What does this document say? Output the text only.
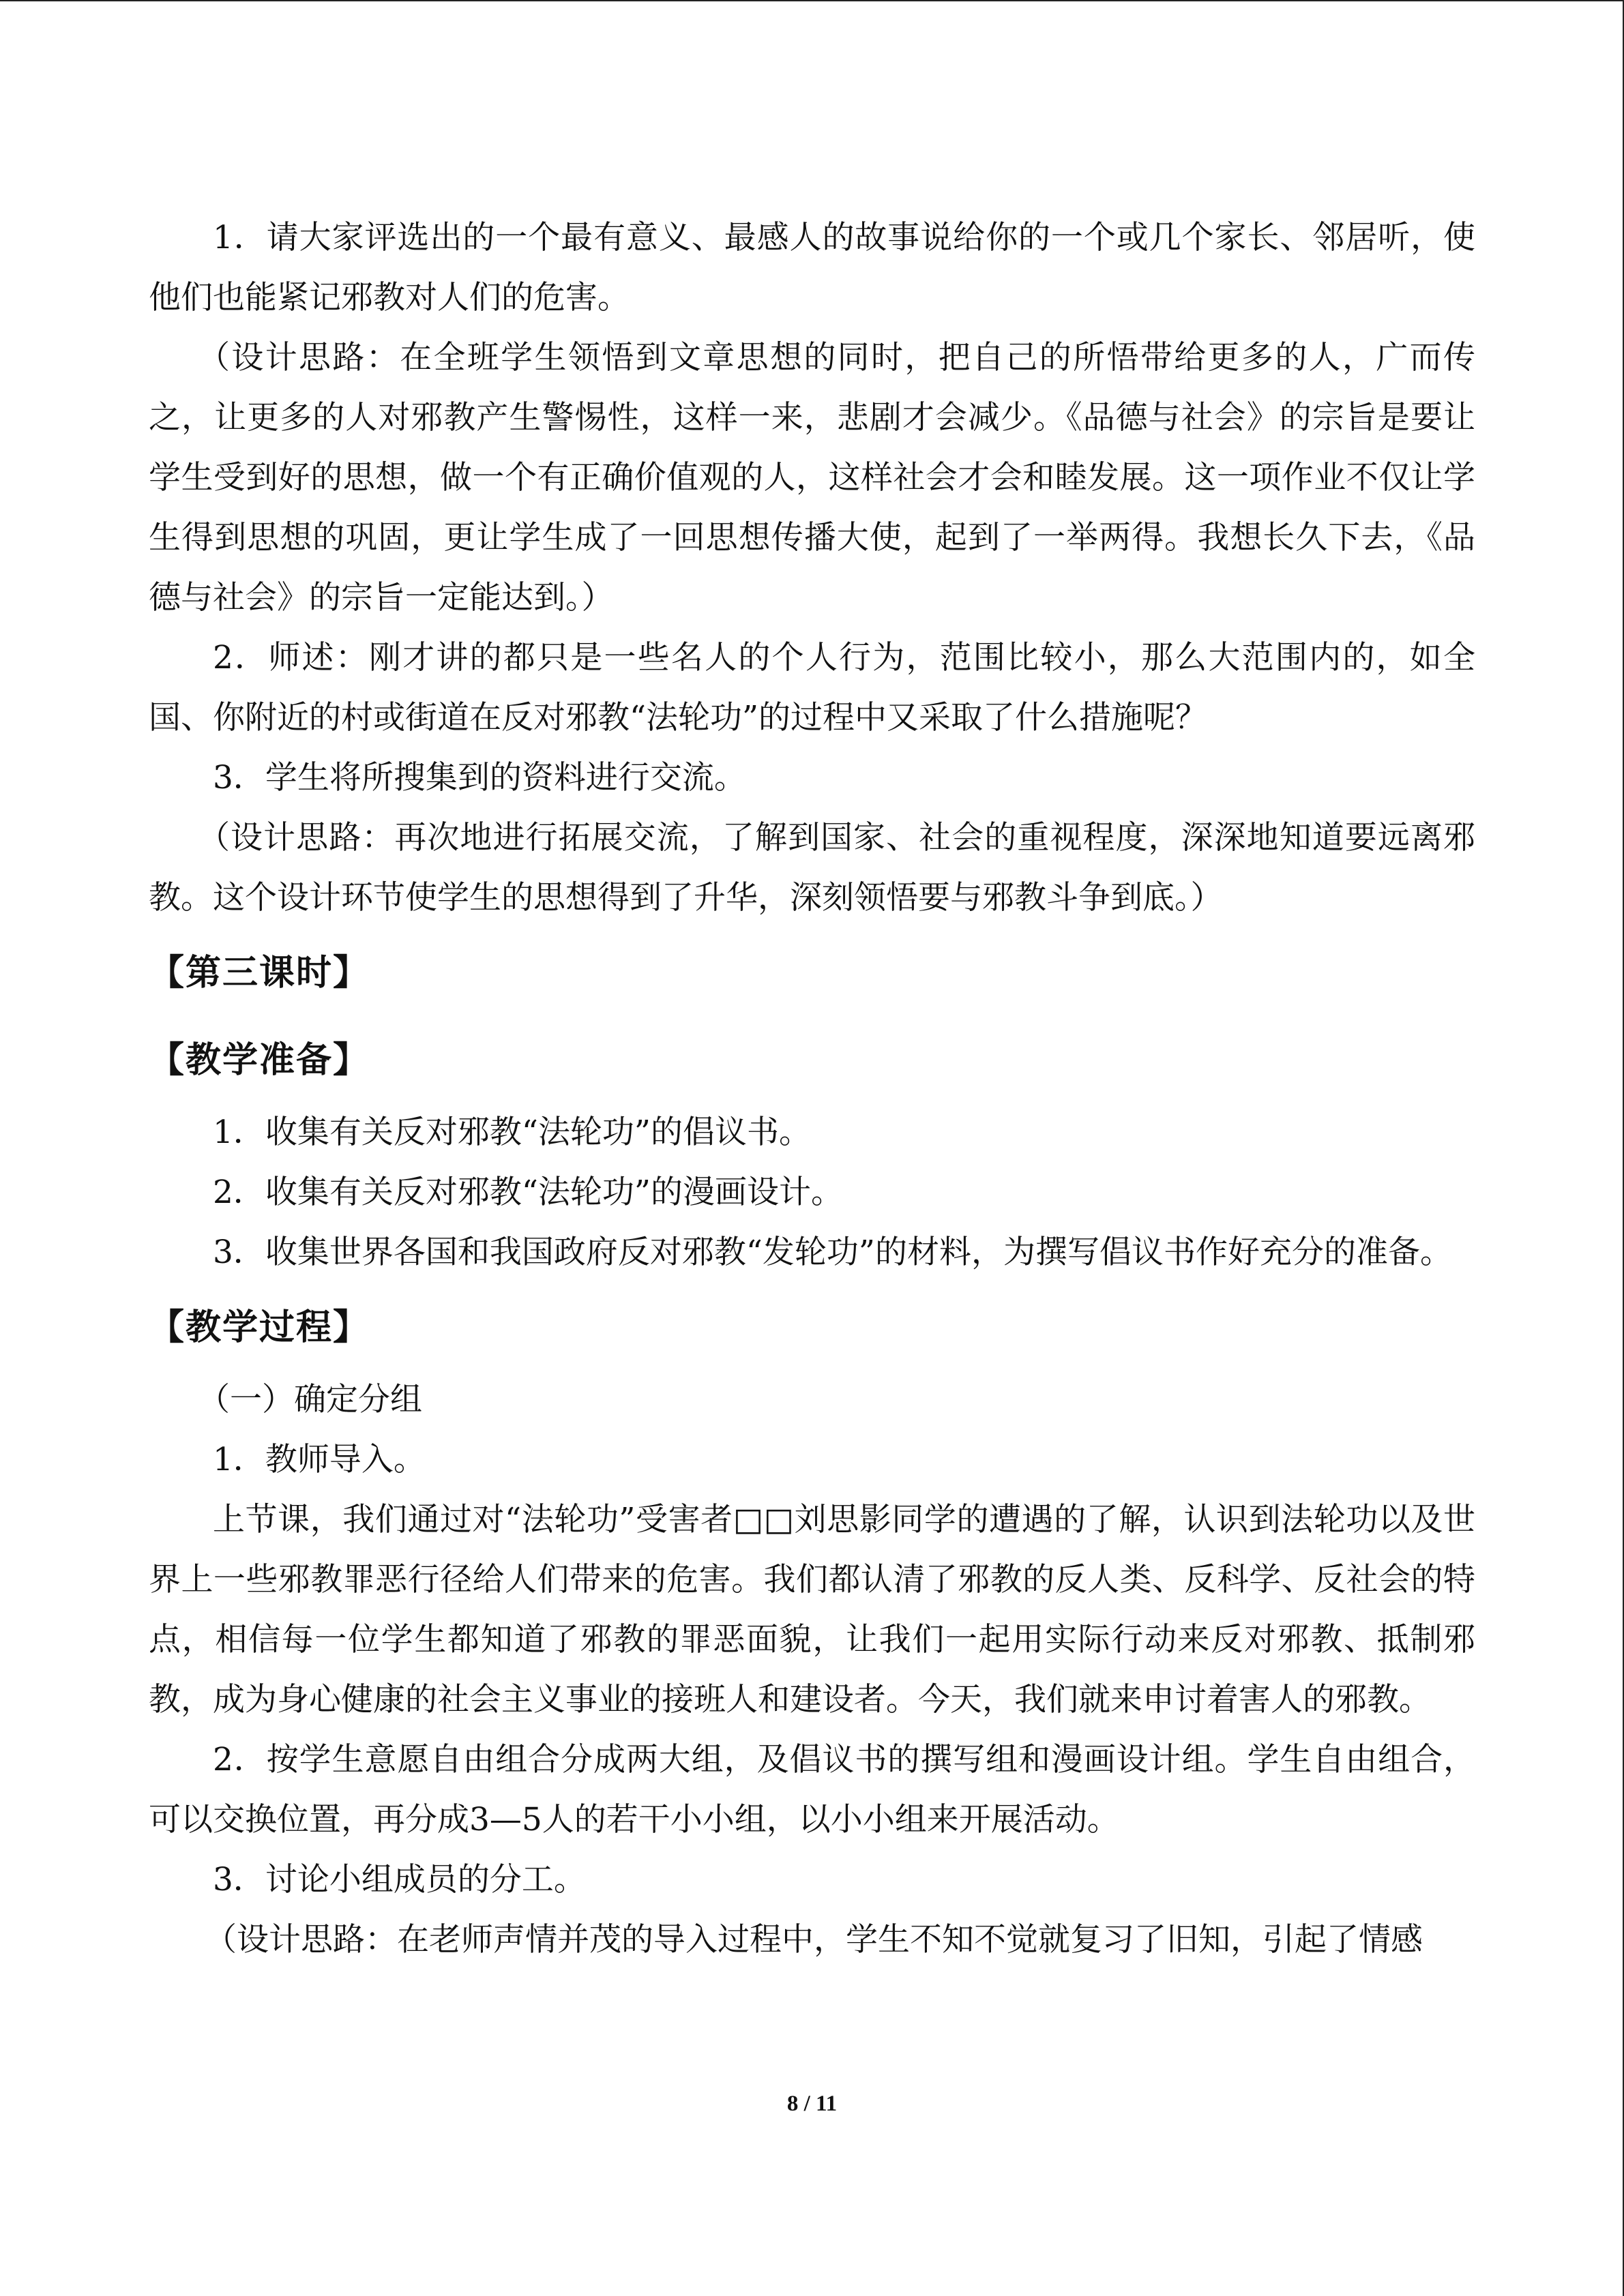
1．请大家评选出的一个最有意义、最感人的故事说给你的一个或几个家长、邻居听，使他们也能紧记邪教对人们的危害。

（设计思路：在全班学生领悟到文章思想的同时，把自己的所悟带给更多的人，广而传之，让更多的人对邪教产生警惕性，这样一来，悲剧才会减少。《品德与社会》的宗旨是要让学生受到好的思想，做一个有正确价值观的人，这样社会才会和睦发展。这一项作业不仅让学生得到思想的巩固，更让学生成了一回思想传播大使，起到了一举两得。我想长久下去，《品德与社会》的宗旨一定能达到。）

2．师述：刚才讲的都只是一些名人的个人行为，范围比较小，那么大范围内的，如全国、你附近的村或街道在反对邪教“法轮功”的过程中又采取了什么措施呢？

3．学生将所搜集到的资料进行交流。

（设计思路：再次地进行拓展交流，了解到国家、社会的重视程度，深深地知道要远离邪教。这个设计环节使学生的思想得到了升华，深刻领悟要与邪教斗争到底。）

【第三课时】
【教学准备】

1．收集有关反对邪教“法轮功”的倡议书。

2．收集有关反对邪教“法轮功”的漫画设计。

3．收集世界各国和我国政府反对邪教“发轮功”的材料，为撰写倡议书作好充分的准备。

【教学过程】

（一）确定分组

1．教师导入。

上节课，我们通过对“法轮功”受害者□□刘思影同学的遭遇的了解，认识到法轮功以及世界上一些邪教罪恶行径给人们带来的危害。我们都认清了邪教的反人类、反科学、反社会的特点，相信每一位学生都知道了邪教的罪恶面貌，让我们一起用实际行动来反对邪教、抵制邪教，成为身心健康的社会主义事业的接班人和建设者。今天，我们就来申讨着害人的邪教。

2．按学生意愿自由组合分成两大组，及倡议书的撰写组和漫画设计组。学生自由组合，可以交换位置，再分成3—5人的若干小小组，以小小组来开展活动。

3．讨论小组成员的分工。

（设计思路：在老师声情并茂的导入过程中，学生不知不觉就复习了旧知，引起了情感

8 / 11
